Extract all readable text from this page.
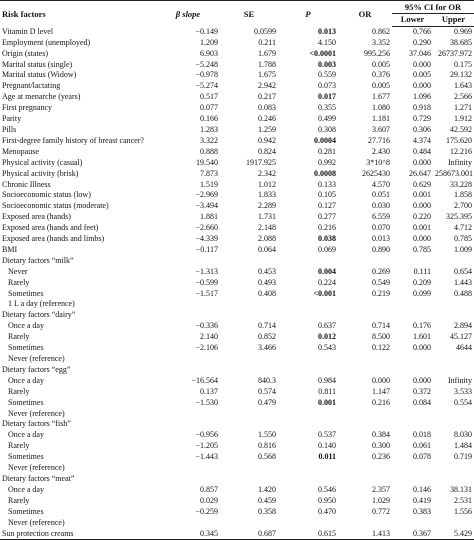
Risk factors	β slope	SE	P	OR	95% CI for OR	
					Lower	Upper
Vitamin D level	−0.149	0.0599	0.013	0.862	0.766	0.969
Employment (unemployed)	1.209	0.211	4.150	3.352	0.290	38.685
Origin (states)	6.903	1.679	<0.0001	995.256	37.046	26737.972
Marital status (single)	−5.248	1.788	0.003	0.005	0.000	0.175
Marital status (Widow)	−0.978	1.675	0.559	0.376	0.005	29.132
Pregnant/lactating	−5.274	2.942	0.073	0.005	0.000	1.643
Age at menarche (years)	0.517	0.217	0.017	1.677	1.096	2.566
First pregnancy	0.077	0.083	0.355	1.080	0.918	1.271
Parity	0.166	0.246	0.499	1.181	0.729	1.912
Pills	1.283	1.259	0.308	3.607	0.306	42.592
First-degree family history of breast cancer?	3.322	0.942	0.0004	27.716	4.374	175.620
Menopause	0.888	0.824	0.281	2.430	0.484	12.216
Physical activity (casual)	19.540	1917.925	0.992	3*10^8	0.000	Infinity
Physical activity (brisk)	7.873	2.342	0.0008	2625430	26.647	258673.001
Chronic Illness	1.519	1.012	0.133	4.570	0.629	33.228
Socioeconomic status (low)	−2.969	1.833	0.105	0.051	0.001	1.858
Socioeconomic status (moderate)	−3.494	2.289	0.127	0.030	0.000	2.700
Exposed area (hands)	1.881	1.731	0.277	6.559	0.220	325.395
Exposed area (hands and feet)	−2.660	2.148	0.216	0.070	0.001	4.712
Exposed area (hands and limbs)	−4.339	2.088	0.038	0.013	0.000	0.785
BMI	−0.117	0.064	0.069	0.890	0.785	1.009
Dietary factors “milk”						
Never	−1.313	0.453	0.004	0.269	0.111	0.654
Rarely	−0.599	0.493	0.224	0.549	0.209	1.443
Sometimes	−1.517	0.408	<0.001	0.219	0.099	0.488
1 L a day (reference)						
Dietary factors “dairy”						
Once a day	−0.336	0.714	0.637	0.714	0.176	2.894
Rarely	2.140	0.852	0.012	8.500	1.601	45.127
Sometimes	−2.106	3.466	0.543	0.122	0.000	4644
Never (reference)						
Dietary factors “egg”						
Once a day	−16.564	840.3	0.984	0.000	0.000	Infinity
Rarely	0.137	0.574	0.811	1.147	0.372	3.533
Sometimes	−1.530	0.479	0.001	0.216	0.084	0.554
Never (reference)						
Dietary factors “fish”						
Once a day	−0.956	1.550	0.537	0.384	0.018	8.030
Rarely	−1.205	0.816	0.140	0.300	0.061	1.484
Sometimes	−1.443	0.568	0.011	0.236	0.078	0.719
Never (reference)						
Dietary factors “meat”						
Once a day	0.857	1.420	0.546	2.357	0.146	38.131
Rarely	0.029	0.459	0.950	1.029	0.419	2.531
Sometimes	−0.259	0.358	0.470	0.772	0.383	1.556
Never (reference)						
Sun protection creams	0.345	0.687	0.615	1.413	0.367	5.429
